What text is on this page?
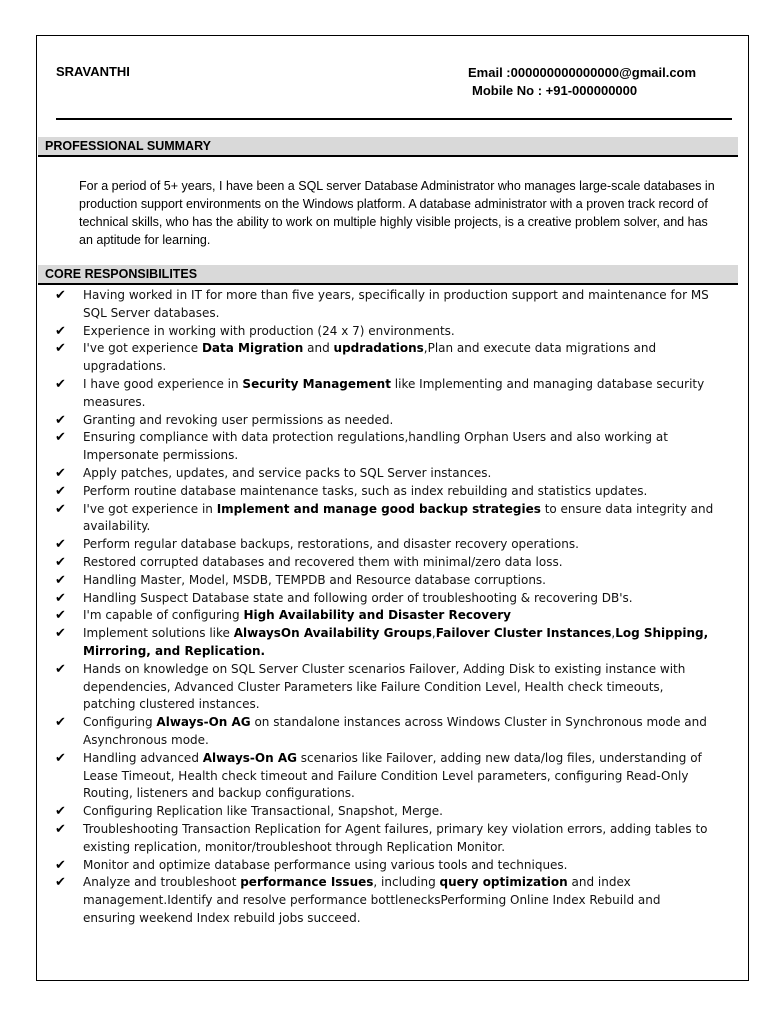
SRAVANTHI	Email :000000000000000@gmail.com
Mobile No : +91-000000000
PROFESSIONAL SUMMARY

For a period of 5+ years, I have been a SQL server Database Administrator who manages large-scale databases in production support environments on the Windows platform. A database administrator with a proven track record of technical skills, who has the ability to work on multiple highly visible projects, is a creative problem solver, and has an aptitude for learning.

CORE RESPONSIBILITES
✔ Having worked in IT for more than five years, specifically in production support and maintenance for MS SQL Server databases.
✔ Experience in working with production (24 x 7) environments.
✔ I've got experience Data Migration and updradations,Plan and execute data migrations and upgradations.
✔ I have good experience in Security Management like Implementing and managing database security measures.
✔ Granting and revoking user permissions as needed.
✔ Ensuring compliance with data protection regulations,handling Orphan Users and also working at Impersonate permissions.
✔ Apply patches, updates, and service packs to SQL Server instances.
✔ Perform routine database maintenance tasks, such as index rebuilding and statistics updates.
✔ I've got experience in Implement and manage good backup strategies to ensure data integrity and availability.
✔ Perform regular database backups, restorations, and disaster recovery operations.
✔ Restored corrupted databases and recovered them with minimal/zero data loss.
✔ Handling Master, Model, MSDB, TEMPDB and Resource database corruptions.
✔ Handling Suspect Database state and following order of troubleshooting & recovering DB's.
✔ I'm capable of configuring High Availability and Disaster Recovery
✔ Implement solutions like AlwaysOn Availability Groups,Failover Cluster Instances,Log Shipping, Mirroring, and Replication.
✔ Hands on knowledge on SQL Server Cluster scenarios Failover, Adding Disk to existing instance with dependencies, Advanced Cluster Parameters like Failure Condition Level, Health check timeouts, patching clustered instances.
✔ Configuring Always-On AG on standalone instances across Windows Cluster in Synchronous mode and Asynchronous mode.
✔ Handling advanced Always-On AG scenarios like Failover, adding new data/log files, understanding of Lease Timeout, Health check timeout and Failure Condition Level parameters, configuring Read-Only Routing, listeners and backup configurations.
✔ Configuring Replication like Transactional, Snapshot, Merge.
✔ Troubleshooting Transaction Replication for Agent failures, primary key violation errors, adding tables to existing replication, monitor/troubleshoot through Replication Monitor.
✔ Monitor and optimize database performance using various tools and techniques.
✔ Analyze and troubleshoot performance Issues, including query optimization and index management.Identify and resolve performance bottlenecksPerforming Online Index Rebuild and ensuring weekend Index rebuild jobs succeed.
